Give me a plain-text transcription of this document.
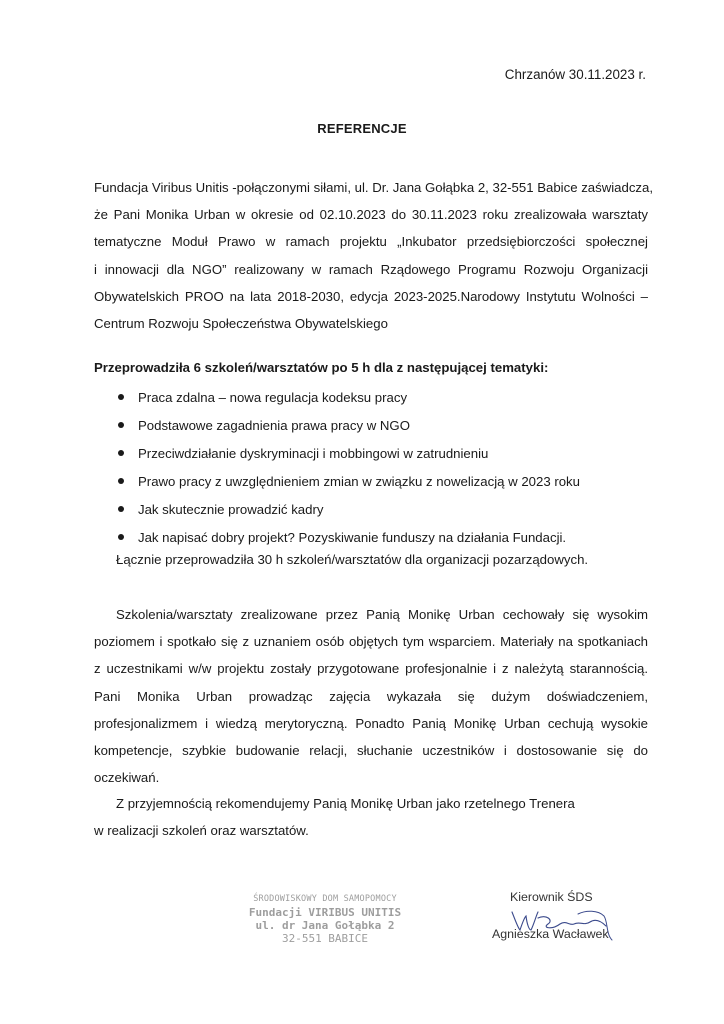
Chrzanów 30.11.2023 r.
REFERENCJE
Fundacja Viribus Unitis -połączonymi siłami, ul. Dr. Jana Gołąbka 2, 32-551 Babice zaświadcza,
że Pani Monika Urban w okresie od 02.10.2023 do 30.11.2023 roku zrealizowała warsztaty
tematyczne Moduł Prawo w ramach projektu „Inkubator przedsiębiorczości społecznej
i innowacji dla NGO” realizowany w ramach Rządowego Programu Rozwoju Organizacji
Obywatelskich PROO na lata 2018-2030, edycja 2023-2025.Narodowy Instytutu Wolności –
Centrum Rozwoju Społeczeństwa Obywatelskiego
Przeprowadziła 6 szkoleń/warsztatów po 5 h dla z następującej tematyki:
Praca zdalna – nowa regulacja kodeksu pracy
Podstawowe zagadnienia prawa pracy w NGO
Przeciwdziałanie dyskryminacji i mobbingowi w zatrudnieniu
Prawo pracy z uwzględnieniem zmian w związku z nowelizacją w 2023 roku
Jak skutecznie prowadzić kadry
Jak napisać dobry projekt? Pozyskiwanie funduszy na działania Fundacji.
Łącznie przeprowadziła 30 h szkoleń/warsztatów dla organizacji pozarządowych.
Szkolenia/warsztaty zrealizowane przez Panią Monikę Urban cechowały się wysokim
poziomem i spotkało się z uznaniem osób objętych tym wsparciem. Materiały na spotkaniach
z uczestnikami w/w projektu zostały przygotowane profesjonalnie i z należytą starannością.
Pani Monika Urban prowadząc zajęcia wykazała się dużym doświadczeniem,
profesjonalizmem i wiedzą merytoryczną. Ponadto Panią Monikę Urban cechują wysokie
kompetencje, szybkie budowanie relacji, słuchanie uczestników i dostosowanie się do
oczekiwań.
Z przyjemnością rekomendujemy Panią Monikę Urban jako rzetelnego Trenera
w realizacji szkoleń oraz warsztatów.
ŚRODOWISKOWY DOM SAMOPOMOCY
Fundacji VIRIBUS UNITIS
ul. dr Jana Gołąbka 2
32-551 BABICE
Kierownik ŚDS
Agnieszka Wacławek
